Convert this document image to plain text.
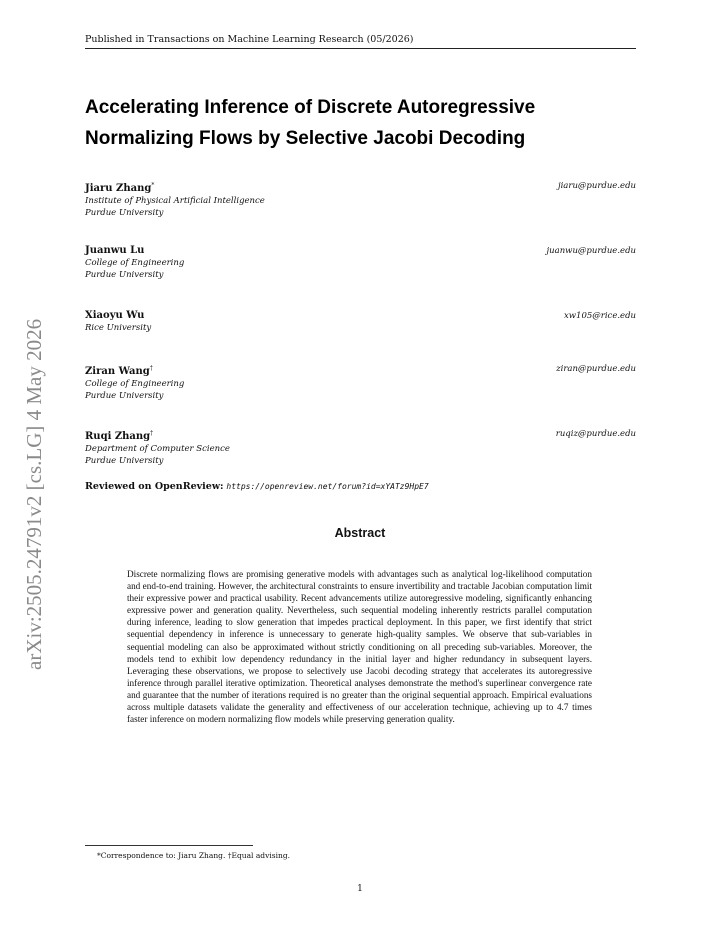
Published in Transactions on Machine Learning Research (05/2026)
arXiv:2505.24791v2 [cs.LG] 4 May 2026
Accelerating Inference of Discrete Autoregressive Normalizing Flows by Selective Jacobi Decoding
Jiaru Zhang*
Institute of Physical Artificial Intelligence
Purdue University
jiaru@purdue.edu
Juanwu Lu
College of Engineering
Purdue University
juanwu@purdue.edu
Xiaoyu Wu
Rice University
xw105@rice.edu
Ziran Wang†
College of Engineering
Purdue University
ziran@purdue.edu
Ruqi Zhang†
Department of Computer Science
Purdue University
ruqiz@purdue.edu
Reviewed on OpenReview: https://openreview.net/forum?id=xYATz9HpE7
Abstract
Discrete normalizing flows are promising generative models with advantages such as analytical log-likelihood computation and end-to-end training. However, the architectural constraints to ensure invertibility and tractable Jacobian computation limit their expressive power and practical usability. Recent advancements utilize autoregressive modeling, significantly enhancing expressive power and generation quality. Nevertheless, such sequential modeling inherently restricts parallel computation during inference, leading to slow generation that impedes practical deployment. In this paper, we first identify that strict sequential dependency in inference is unnecessary to generate high-quality samples. We observe that sub-variables in sequential modeling can also be approximated without strictly conditioning on all preceding sub-variables. Moreover, the models tend to exhibit low dependency redundancy in the initial layer and higher redundancy in subsequent layers. Leveraging these observations, we propose to selectively use Jacobi decoding strategy that accelerates its autoregressive inference through parallel iterative optimization. Theoretical analyses demonstrate the method's superlinear convergence rate and guarantee that the number of iterations required is no greater than the original sequential approach. Empirical evaluations across multiple datasets validate the generality and effectiveness of our acceleration technique, achieving up to 4.7 times faster inference on modern normalizing flow models while preserving generation quality.
*Correspondence to: Jiaru Zhang. †Equal advising.
1
